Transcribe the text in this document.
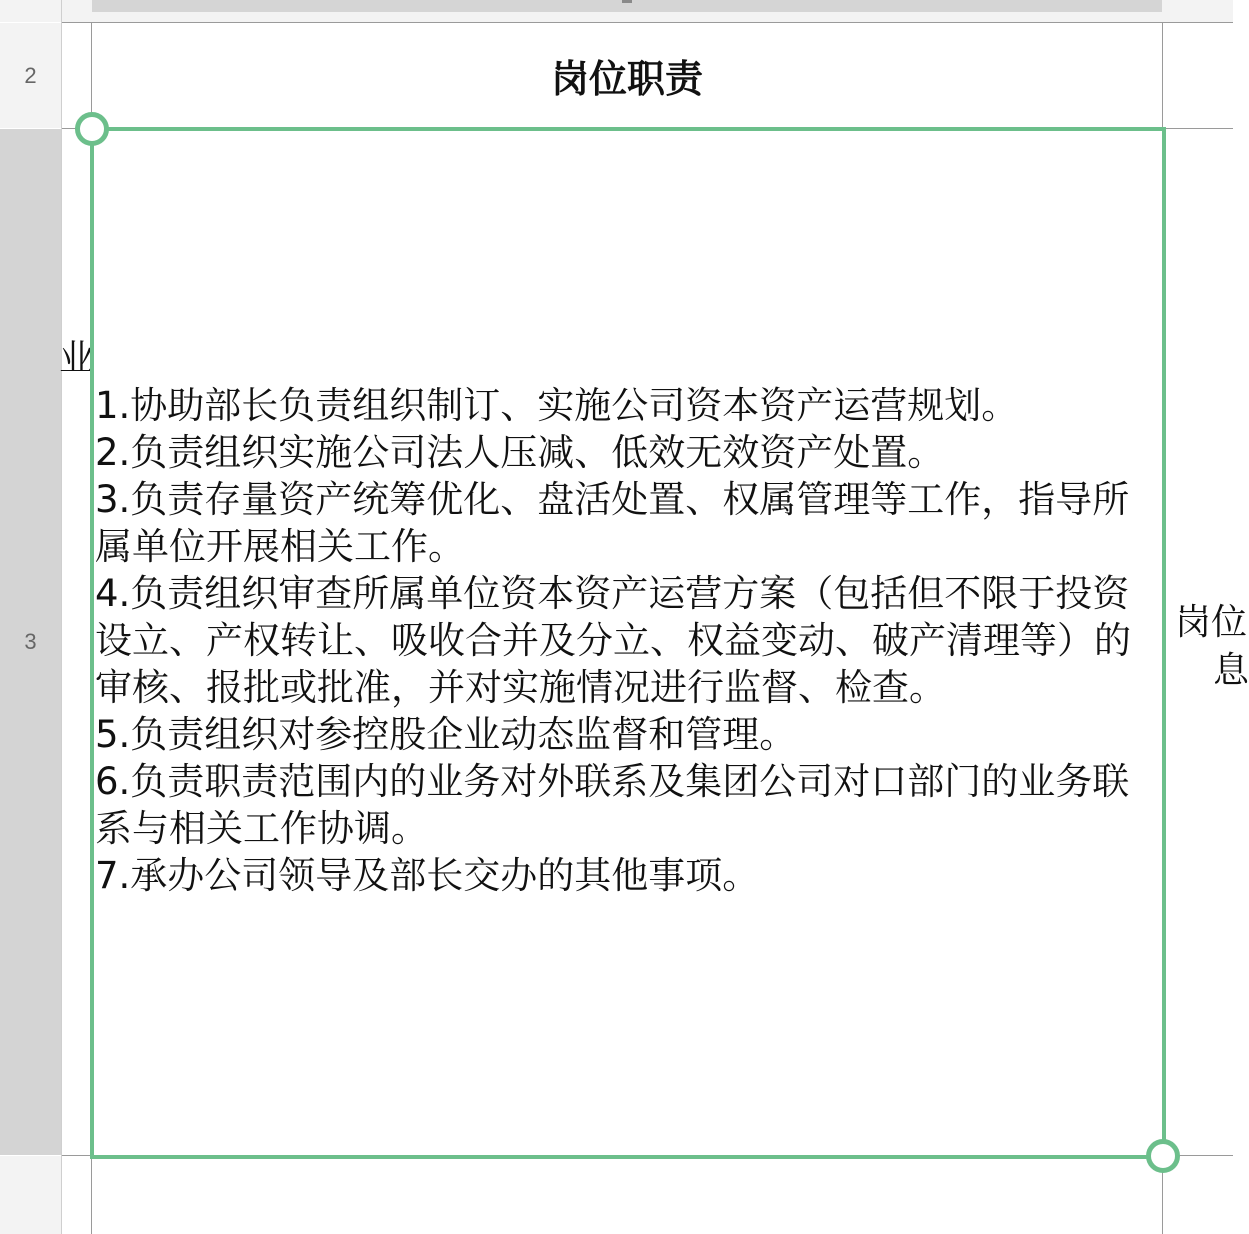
2
3
岗位职责
业
岗位
息
1.协助部长负责组织制订、实施公司资本资产运营规划。
2.负责组织实施公司法人压减、低效无效资产处置。
3.负责存量资产统筹优化、盘活处置、权属管理等工作，指导所属单位开展相关工作。
4.负责组织审查所属单位资本资产运营方案（包括但不限于投资设立、产权转让、吸收合并及分立、权益变动、破产清理等）的审核、报批或批准，并对实施情况进行监督、检查。
5.负责组织对参控股企业动态监督和管理。
6.负责职责范围内的业务对外联系及集团公司对口部门的业务联系与相关工作协调。
7.承办公司领导及部长交办的其他事项。
